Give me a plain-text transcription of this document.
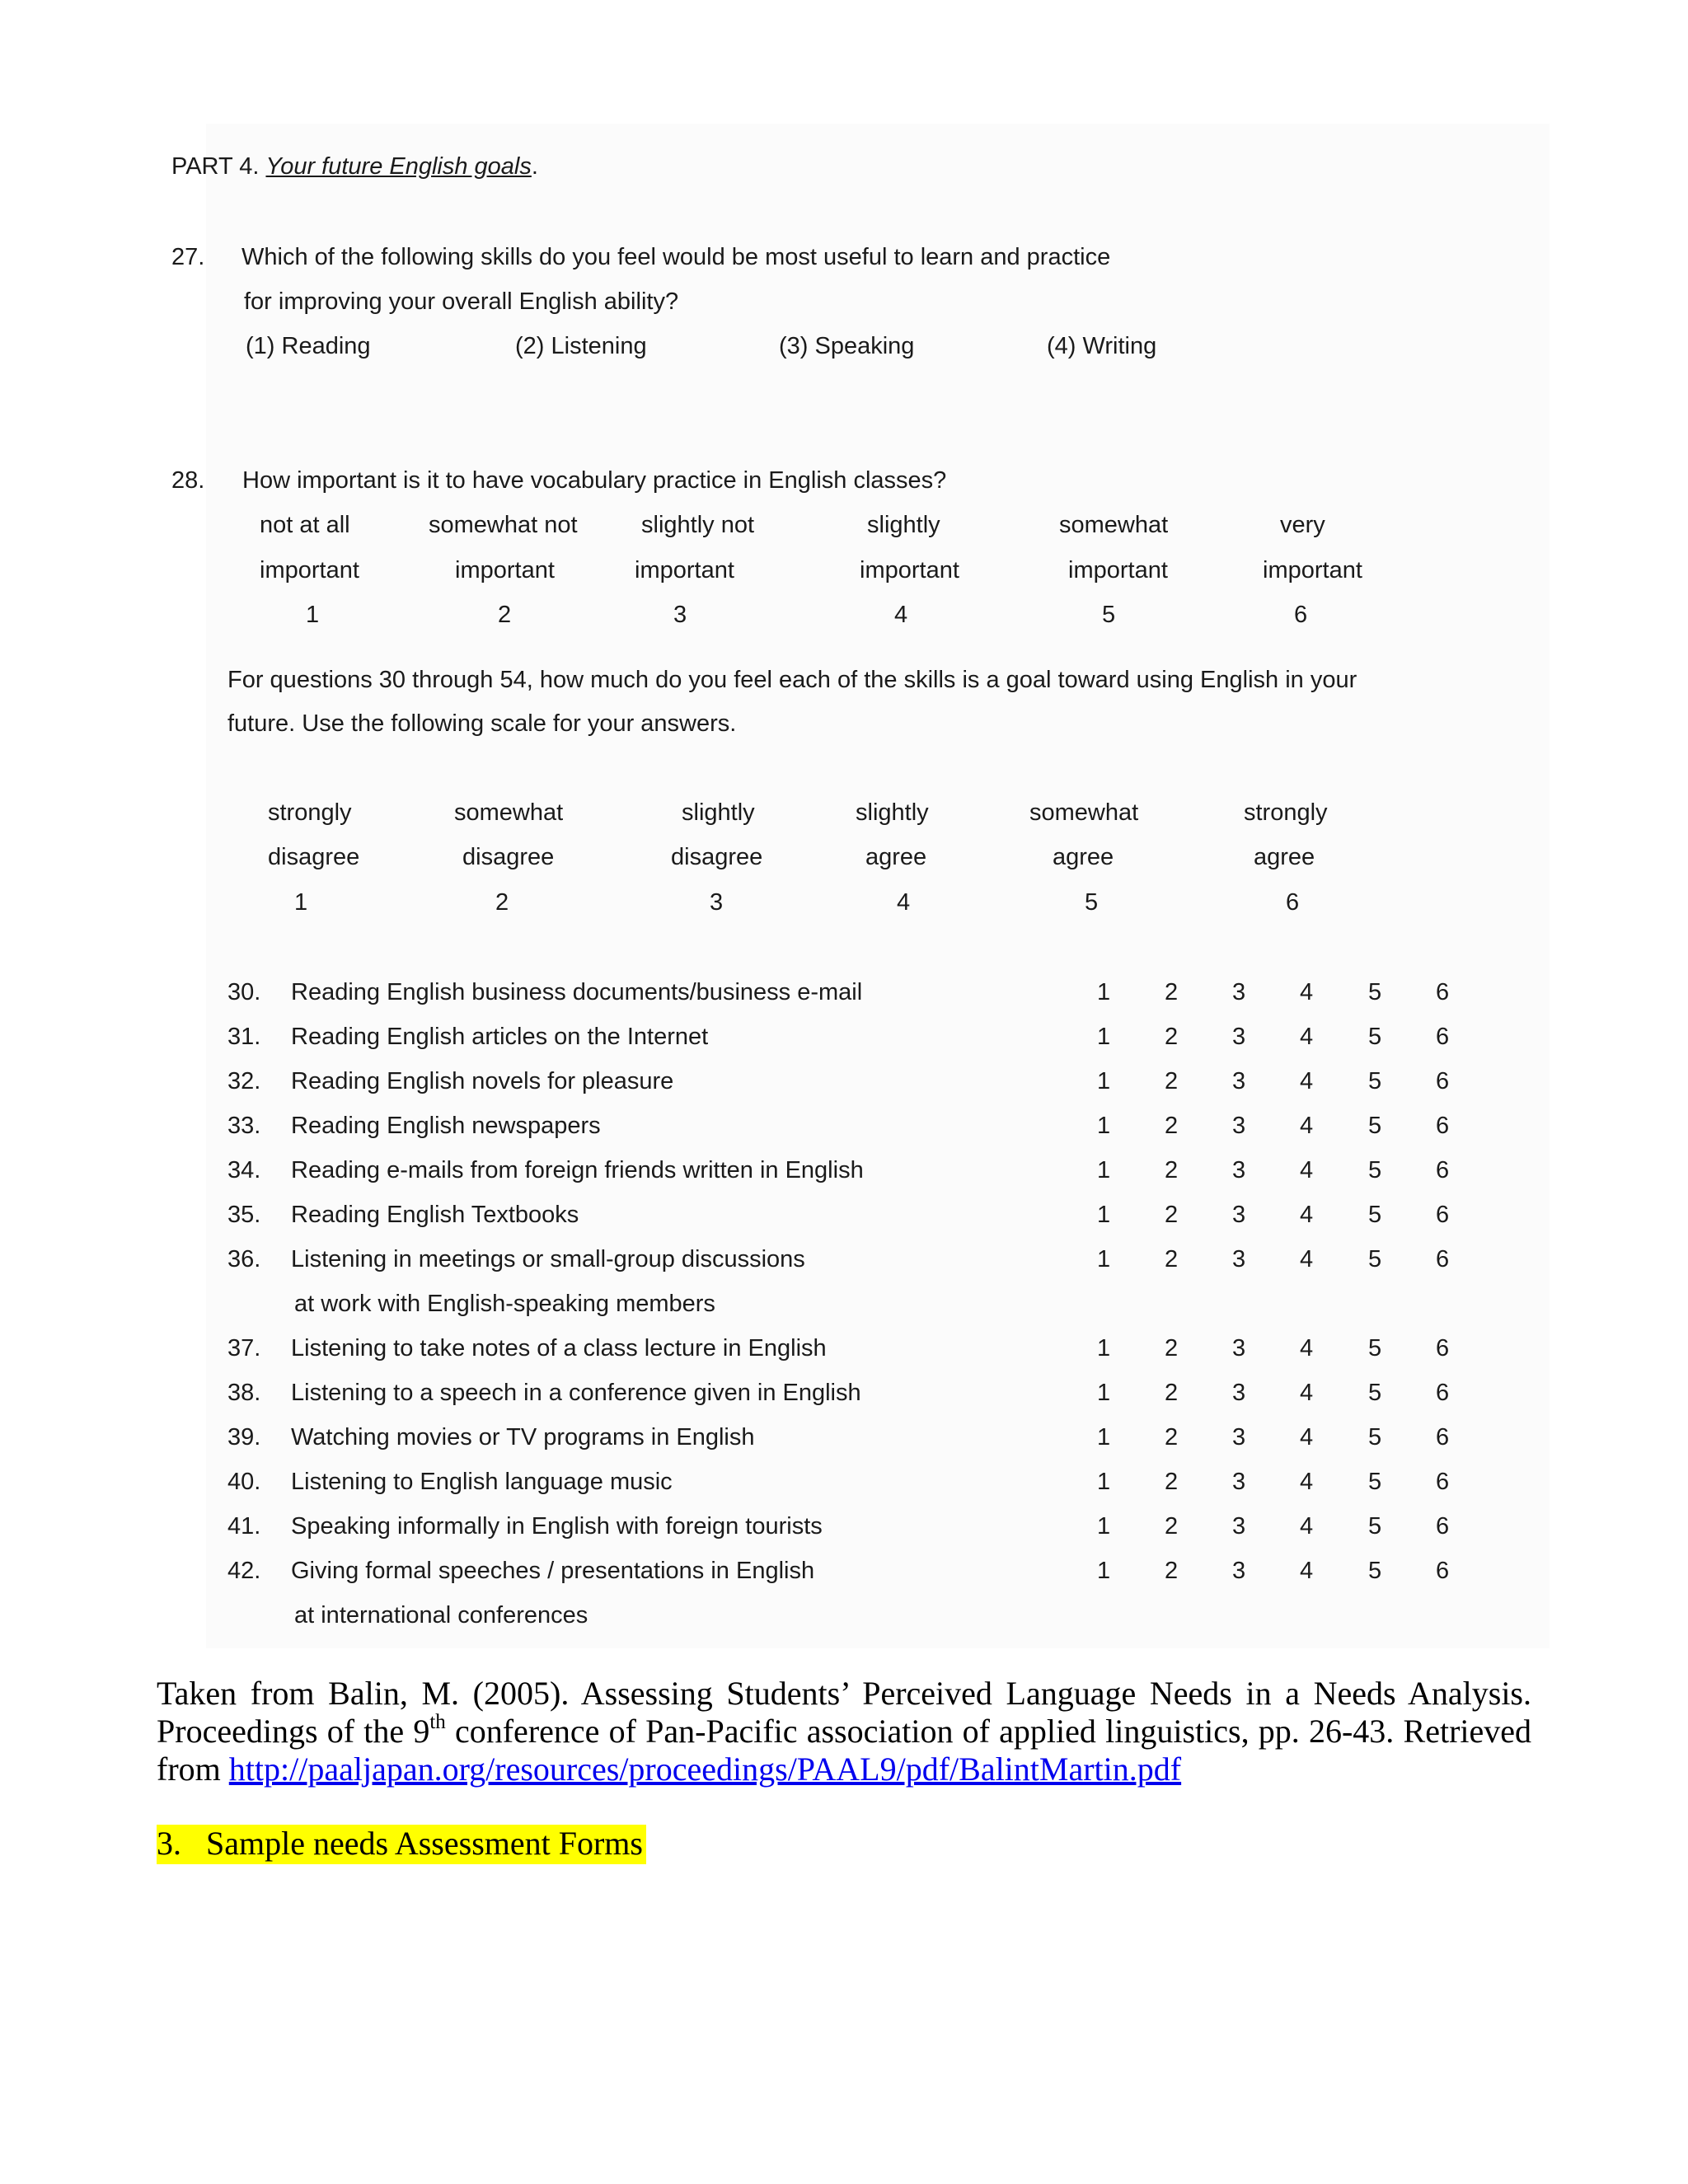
PART 4. Your future English goals.
27. Which of the following skills do you feel would be most useful to learn and practice
for improving your overall English ability?
(1) Reading	(2) Listening	(3) Speaking	(4) Writing
28. How important is it to have vocabulary practice in English classes?
not at all	somewhat not	slightly not	slightly	somewhat	very
important	important	important	important	important	important
1	2	3	4	5	6
For questions 30 through 54, how much do you feel each of the skills is a goal toward using English in your
future. Use the following scale for your answers.
strongly	somewhat	slightly	slightly	somewhat	strongly
disagree	disagree	disagree	agree	agree	agree
1	2	3	4	5	6
30. Reading English business documents/business e-mail	1 2 3 4 5 6
31. Reading English articles on the Internet	1 2 3 4 5 6
32. Reading English novels for pleasure	1 2 3 4 5 6
33. Reading English newspapers	1 2 3 4 5 6
34. Reading e-mails from foreign friends written in English	1 2 3 4 5 6
35. Reading English Textbooks	1 2 3 4 5 6
36. Listening in meetings or small-group discussions	1 2 3 4 5 6
at work with English-speaking members
37. Listening to take notes of a class lecture in English	1 2 3 4 5 6
38. Listening to a speech in a conference given in English	1 2 3 4 5 6
39. Watching movies or TV programs in English	1 2 3 4 5 6
40. Listening to English language music	1 2 3 4 5 6
41. Speaking informally in English with foreign tourists	1 2 3 4 5 6
42. Giving formal speeches / presentations in English	1 2 3 4 5 6
at international conferences
Taken from Balin, M. (2005). Assessing Students’ Perceived Language Needs in a Needs Analysis. Proceedings of the 9th conference of Pan-Pacific association of applied linguistics, pp. 26-43. Retrieved from http://paaljapan.org/resources/proceedings/PAAL9/pdf/BalintMartin.pdf
3.   Sample needs Assessment Forms
